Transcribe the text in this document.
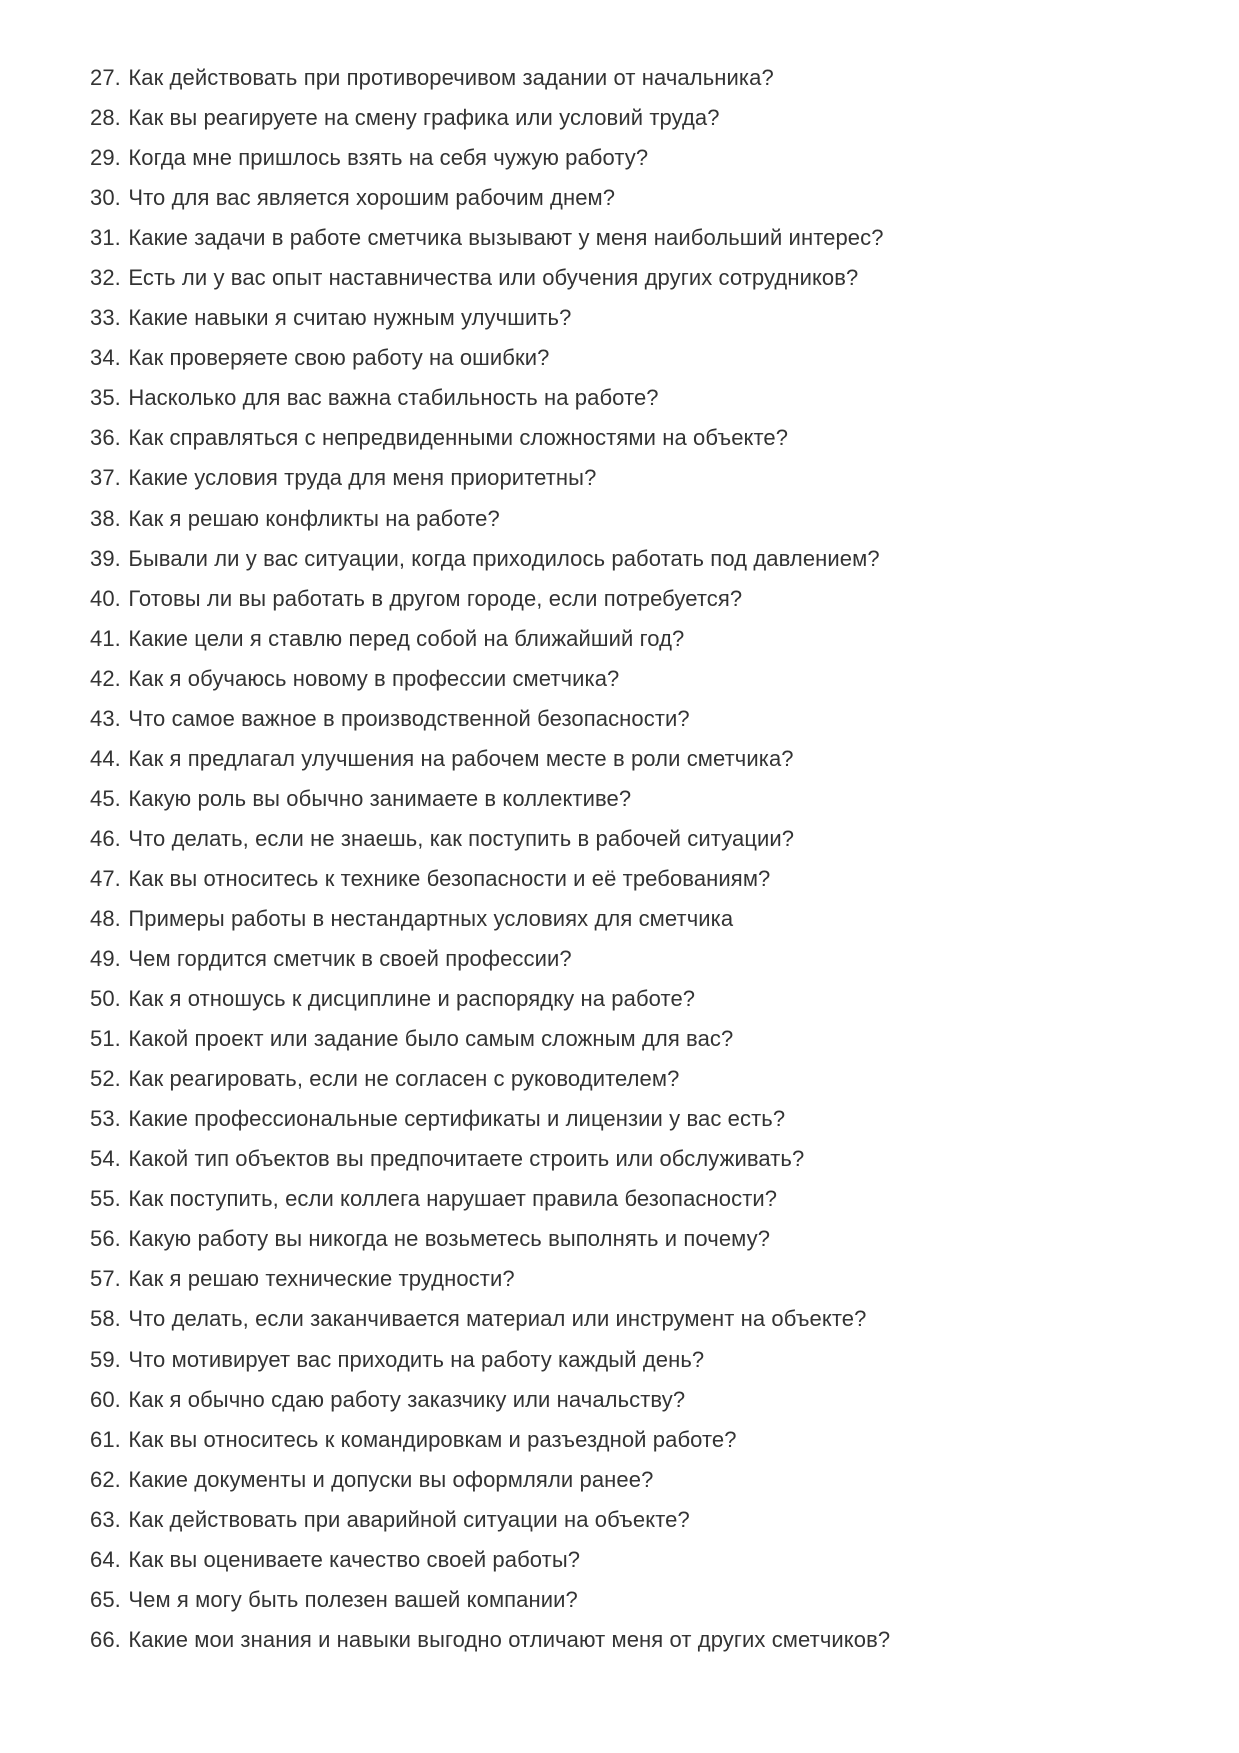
27. Как действовать при противоречивом задании от начальника?
28. Как вы реагируете на смену графика или условий труда?
29. Когда мне пришлось взять на себя чужую работу?
30. Что для вас является хорошим рабочим днем?
31. Какие задачи в работе сметчика вызывают у меня наибольший интерес?
32. Есть ли у вас опыт наставничества или обучения других сотрудников?
33. Какие навыки я считаю нужным улучшить?
34. Как проверяете свою работу на ошибки?
35. Насколько для вас важна стабильность на работе?
36. Как справляться с непредвиденными сложностями на объекте?
37. Какие условия труда для меня приоритетны?
38. Как я решаю конфликты на работе?
39. Бывали ли у вас ситуации, когда приходилось работать под давлением?
40. Готовы ли вы работать в другом городе, если потребуется?
41. Какие цели я ставлю перед собой на ближайший год?
42. Как я обучаюсь новому в профессии сметчика?
43. Что самое важное в производственной безопасности?
44. Как я предлагал улучшения на рабочем месте в роли сметчика?
45. Какую роль вы обычно занимаете в коллективе?
46. Что делать, если не знаешь, как поступить в рабочей ситуации?
47. Как вы относитесь к технике безопасности и её требованиям?
48. Примеры работы в нестандартных условиях для сметчика
49. Чем гордится сметчик в своей профессии?
50. Как я отношусь к дисциплине и распорядку на работе?
51. Какой проект или задание было самым сложным для вас?
52. Как реагировать, если не согласен с руководителем?
53. Какие профессиональные сертификаты и лицензии у вас есть?
54. Какой тип объектов вы предпочитаете строить или обслуживать?
55. Как поступить, если коллега нарушает правила безопасности?
56. Какую работу вы никогда не возьметесь выполнять и почему?
57. Как я решаю технические трудности?
58. Что делать, если заканчивается материал или инструмент на объекте?
59. Что мотивирует вас приходить на работу каждый день?
60. Как я обычно сдаю работу заказчику или начальству?
61. Как вы относитесь к командировкам и разъездной работе?
62. Какие документы и допуски вы оформляли ранее?
63. Как действовать при аварийной ситуации на объекте?
64. Как вы оцениваете качество своей работы?
65. Чем я могу быть полезен вашей компании?
66. Какие мои знания и навыки выгодно отличают меня от других сметчиков?
